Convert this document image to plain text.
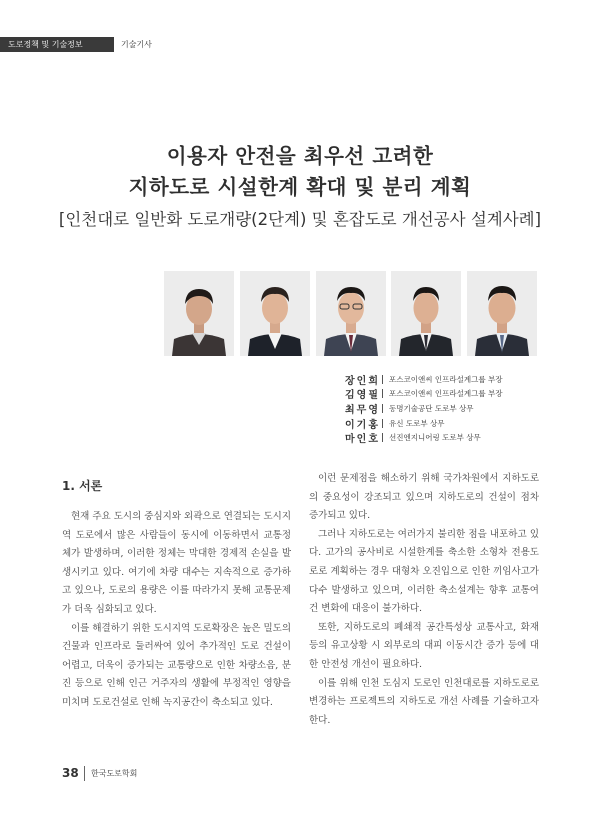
도로정책 및 기술정보	기술기사
이용자 안전을 최우선 고려한
지하도로 시설한계 확대 및 분리 계획
[인천대로 일반화 도로개량(2단계) 및 혼잡도로 개선공사 설계사례]
장인희 포스코이앤씨 인프라설계그룹 부장
김영필 포스코이앤씨 인프라설계그룹 부장
최무영 동명기술공단 도로부 상무
이기홍 유신 도로부 상무
마인호 선진엔지니어링 도로부 상무
1. 서론

현재 주요 도시의 중심지와 외곽으로 연결되는 도시지역 도로에서 많은 사람들이 동시에 이동하면서 교통정체가 발생하며, 이러한 정체는 막대한 경제적 손실을 발생시키고 있다. 여기에 차량 대수는 지속적으로 증가하고 있으나, 도로의 용량은 이를 따라가지 못해 교통문제가 더욱 심화되고 있다.

이를 해결하기 위한 도시지역 도로확장은 높은 밀도의 건물과 인프라로 둘러싸여 있어 추가적인 도로 건설이 어렵고, 더욱이 증가되는 교통량으로 인한 차량소음, 분진 등으로 인해 인근 거주자의 생활에 부정적인 영향을 미치며 도로건설로 인해 녹지공간이 축소되고 있다.

이런 문제점을 해소하기 위해 국가차원에서 지하도로의 중요성이 강조되고 있으며 지하도로의 건설이 점차 증가되고 있다.

그러나 지하도로는 여러가지 불리한 점을 내포하고 있다. 고가의 공사비로 시설한계를 축소한 소형차 전용도로로 계획하는 경우 대형차 오진입으로 인한 끼임사고가 다수 발생하고 있으며, 이러한 축소설계는 향후 교통여건 변화에 대응이 불가하다.

또한, 지하도로의 폐쇄적 공간특성상 교통사고, 화재등의 유고상황 시 외부로의 대피 이동시간 증가 등에 대한 안전성 개선이 필요하다.

이를 위해 인천 도심지 도로인 인천대로를 지하도로로 변경하는 프로젝트의 지하도로 개선 사례를 기술하고자 한다.

38 한국도로학회
